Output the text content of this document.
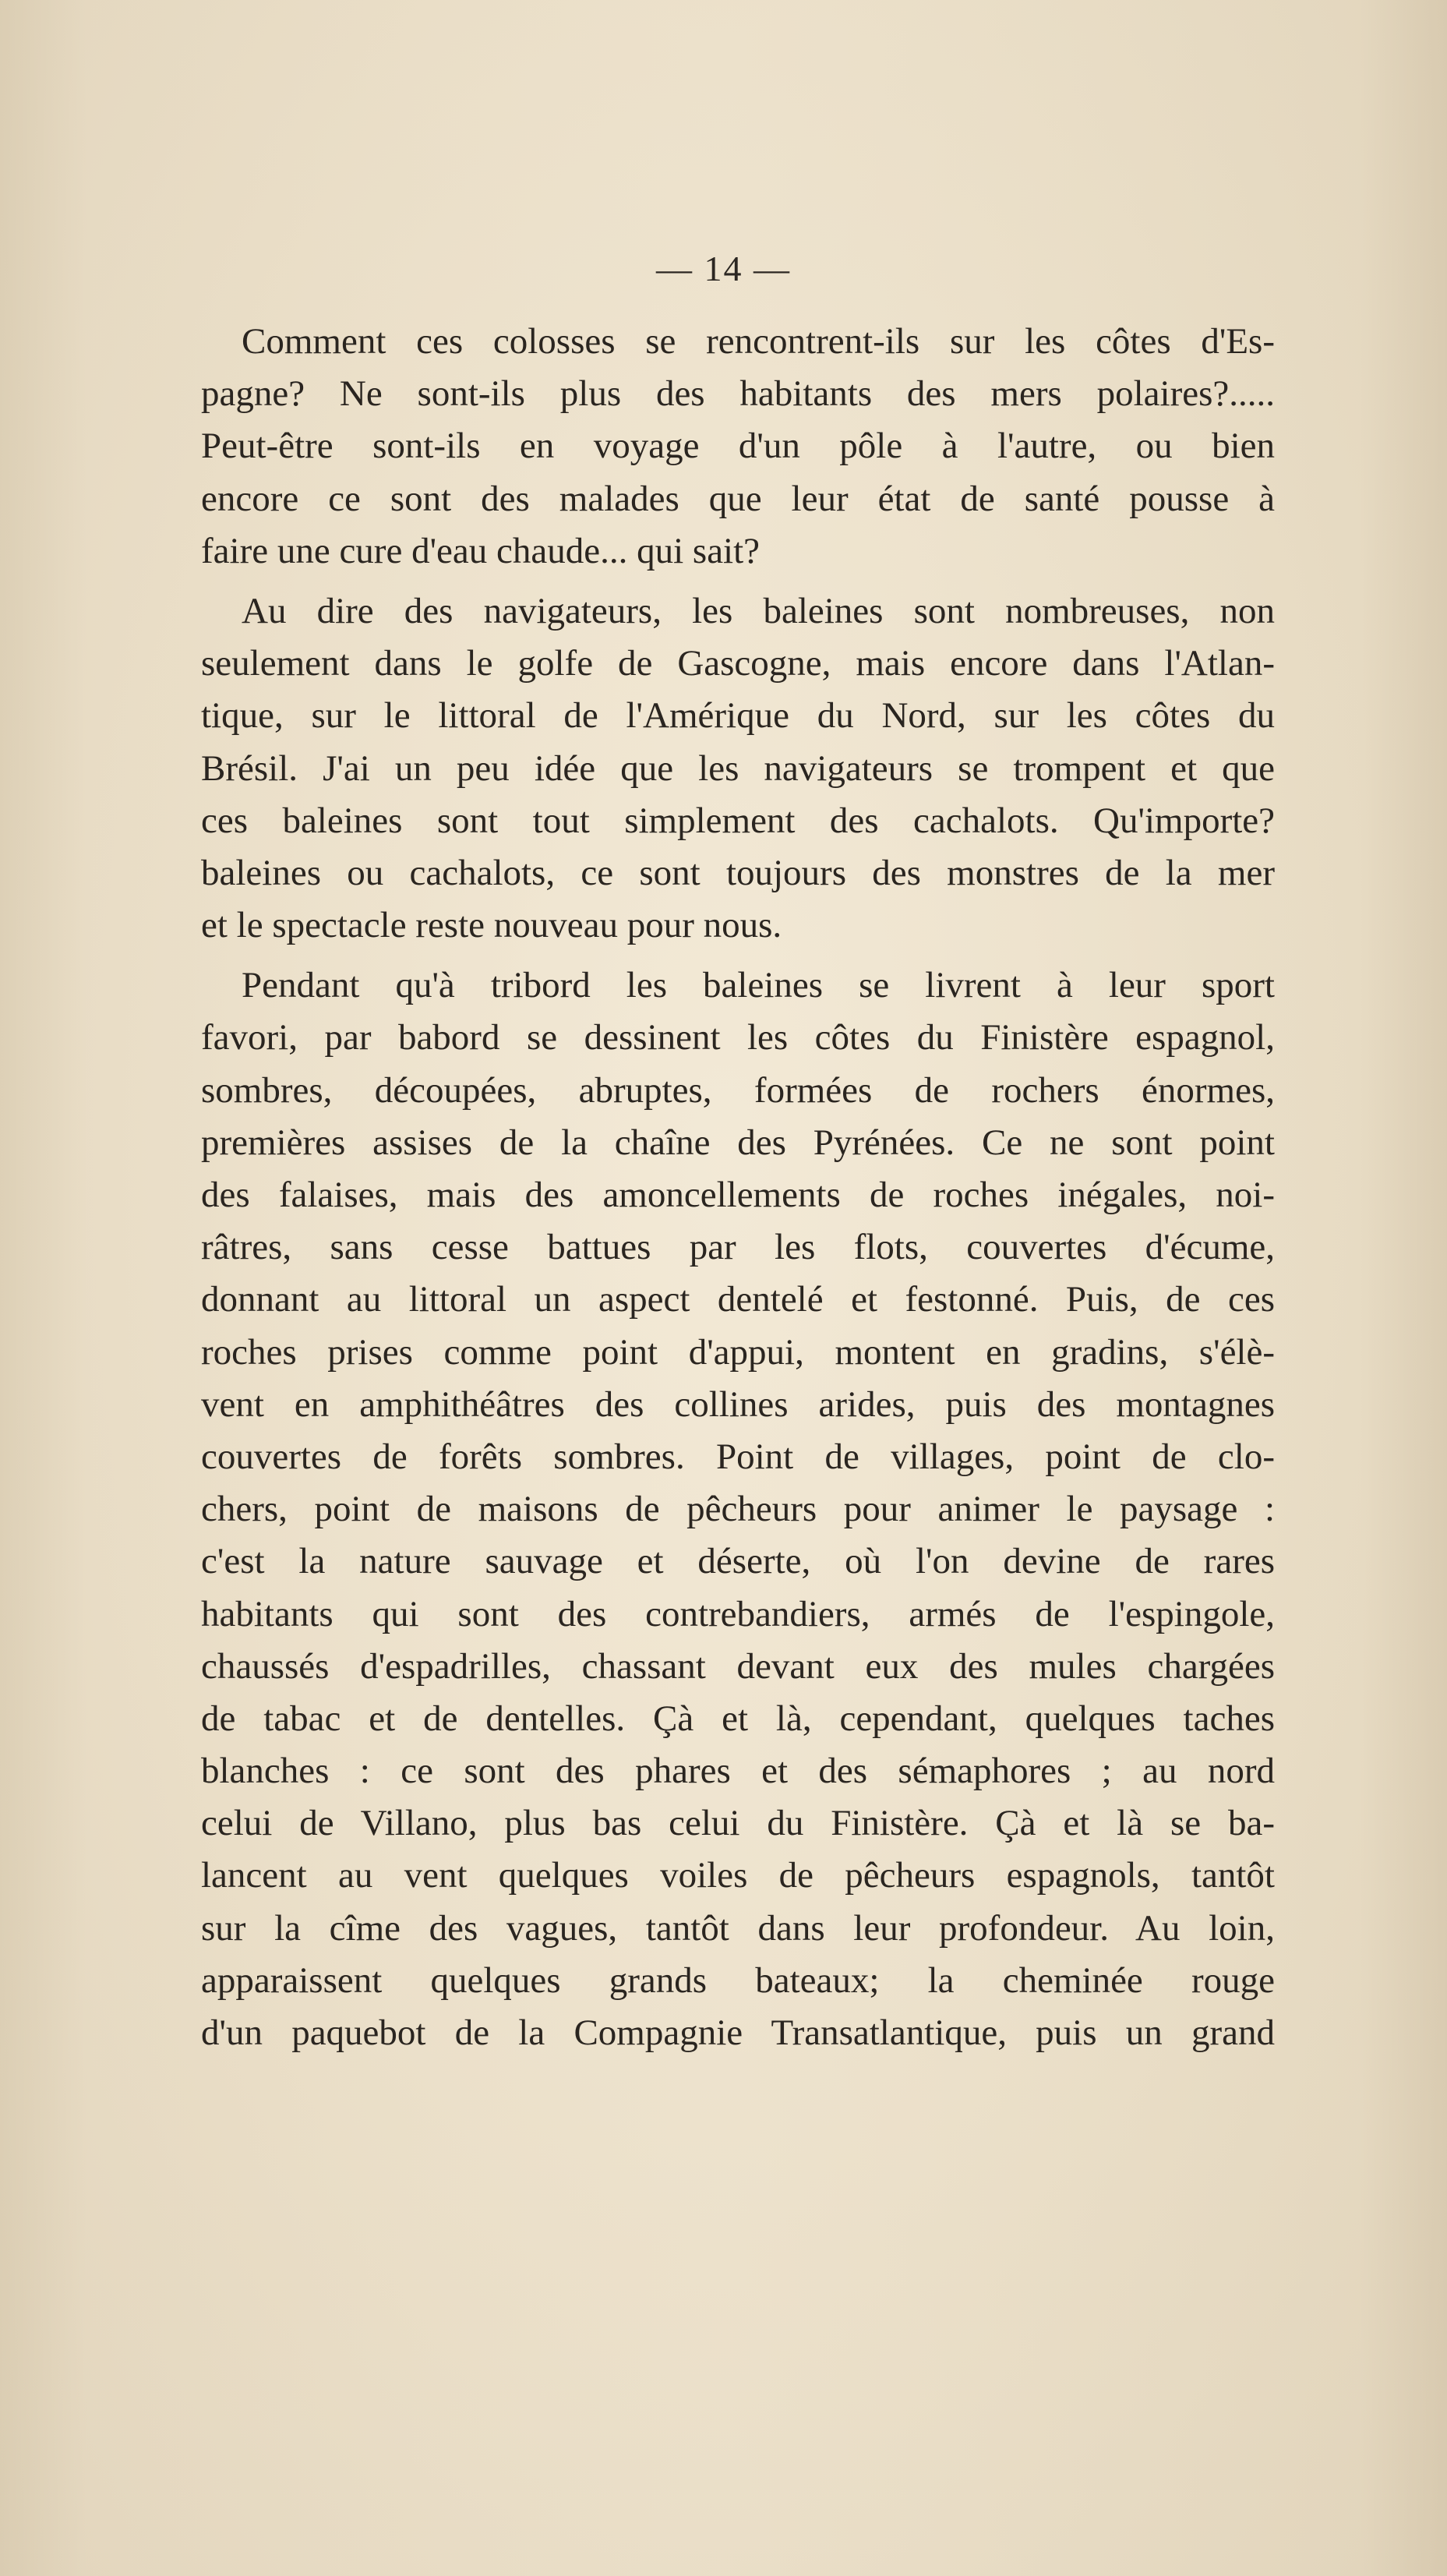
— 14 —
Comment ces colosses se rencontrent-ils sur les côtes d'Es-
pagne? Ne sont-ils plus des habitants des mers polaires?.....
Peut-être sont-ils en voyage d'un pôle à l'autre, ou bien
encore ce sont des malades que leur état de santé pousse à
faire une cure d'eau chaude... qui sait?
Au dire des navigateurs, les baleines sont nombreuses, non
seulement dans le golfe de Gascogne, mais encore dans l'Atlan-
tique, sur le littoral de l'Amérique du Nord, sur les côtes du
Brésil. J'ai un peu idée que les navigateurs se trompent et que
ces baleines sont tout simplement des cachalots. Qu'importe?
baleines ou cachalots, ce sont toujours des monstres de la mer
et le spectacle reste nouveau pour nous.
Pendant qu'à tribord les baleines se livrent à leur sport
favori, par babord se dessinent les côtes du Finistère espagnol,
sombres, découpées, abruptes, formées de rochers énormes,
premières assises de la chaîne des Pyrénées. Ce ne sont point
des falaises, mais des amoncellements de roches inégales, noi-
râtres, sans cesse battues par les flots, couvertes d'écume,
donnant au littoral un aspect dentelé et festonné. Puis, de ces
roches prises comme point d'appui, montent en gradins, s'élè-
vent en amphithéâtres des collines arides, puis des montagnes
couvertes de forêts sombres. Point de villages, point de clo-
chers, point de maisons de pêcheurs pour animer le paysage :
c'est la nature sauvage et déserte, où l'on devine de rares
habitants qui sont des contrebandiers, armés de l'espingole,
chaussés d'espadrilles, chassant devant eux des mules chargées
de tabac et de dentelles. Çà et là, cependant, quelques taches
blanches : ce sont des phares et des sémaphores ; au nord
celui de Villano, plus bas celui du Finistère. Çà et là se ba-
lancent au vent quelques voiles de pêcheurs espagnols, tantôt
sur la cîme des vagues, tantôt dans leur profondeur. Au loin,
apparaissent quelques grands bateaux; la cheminée rouge
d'un paquebot de la Compagnie Transatlantique, puis un grand
